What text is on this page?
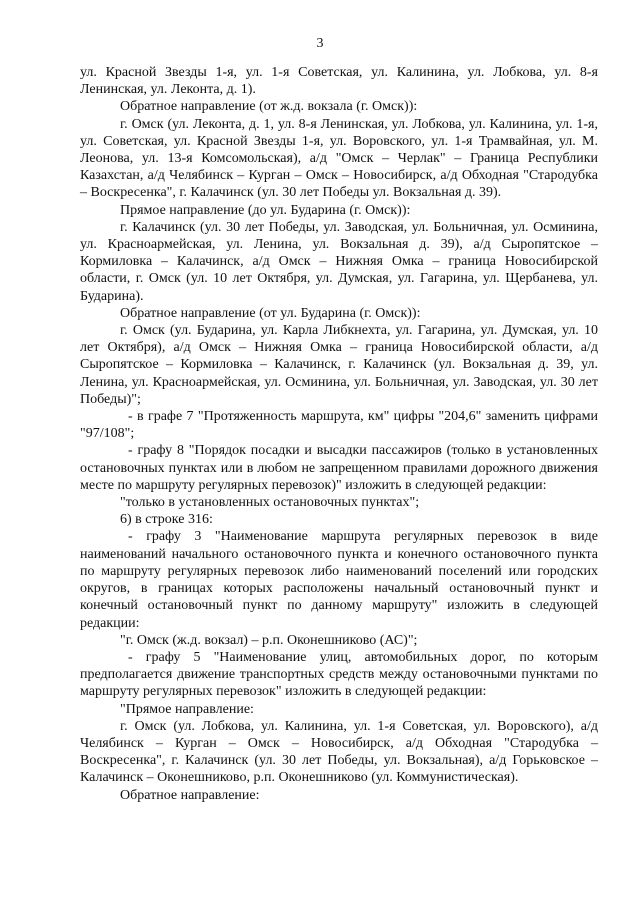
3

ул. Красной Звезды 1-я, ул. 1-я Советская, ул. Калинина, ул. Лобкова, ул. 8-я Ленинская, ул. Леконта, д. 1).

Обратное направление (от ж.д. вокзала (г. Омск)):

г. Омск (ул. Леконта, д. 1, ул. 8-я Ленинская, ул. Лобкова, ул. Калинина, ул. 1-я, ул. Советская, ул. Красной Звезды 1-я, ул. Воровского, ул. 1-я Трамвайная, ул. М. Леонова, ул. 13-я Комсомольская), а/д "Омск – Черлак" – Граница Республики Казахстан, а/д Челябинск – Курган – Омск – Новосибирск, а/д Обходная "Стародубка – Воскресенка", г. Калачинск (ул. 30 лет Победы ул. Вокзальная д. 39).

Прямое направление (до ул. Бударина (г. Омск)):

г. Калачинск (ул. 30 лет Победы, ул. Заводская, ул. Больничная, ул. Осминина, ул. Красноармейская, ул. Ленина, ул. Вокзальная д. 39), а/д Сыропятское – Кормиловка – Калачинск, а/д Омск – Нижняя Омка – граница Новосибирской области, г. Омск (ул. 10 лет Октября, ул. Думская, ул. Гагарина, ул. Щербанева, ул. Бударина).

Обратное направление (от ул. Бударина (г. Омск)):

г. Омск (ул. Бударина, ул. Карла Либкнехта, ул. Гагарина, ул. Думская, ул. 10 лет Октября), а/д Омск – Нижняя Омка – граница Новосибирской области, а/д Сыропятское – Кормиловка – Калачинск, г. Калачинск (ул. Вокзальная д. 39, ул. Ленина, ул. Красноармейская, ул. Осминина, ул. Больничная, ул. Заводская, ул. 30 лет Победы)";

- в графе 7 "Протяженность маршрута, км" цифры "204,6" заменить цифрами "97/108";

- графу 8 "Порядок посадки и высадки пассажиров (только в установленных остановочных пунктах или в любом не запрещенном правилами дорожного движения месте по маршруту регулярных перевозок)" изложить в следующей редакции:

"только в установленных остановочных пунктах";

6) в строке 316:

- графу 3 "Наименование маршрута регулярных перевозок в виде наименований начального остановочного пункта и конечного остановочного пункта по маршруту регулярных перевозок либо наименований поселений или городских округов, в границах которых расположены начальный остановочный пункт и конечный остановочный пункт по данному маршруту" изложить в следующей редакции:

"г. Омск (ж.д. вокзал) – р.п. Оконешниково (АС)";

- графу 5 "Наименование улиц, автомобильных дорог, по которым предполагается движение транспортных средств между остановочными пунктами по маршруту регулярных перевозок" изложить в следующей редакции:

"Прямое направление:

г. Омск (ул. Лобкова, ул. Калинина, ул. 1-я Советская, ул. Воровского), а/д Челябинск – Курган – Омск – Новосибирск, а/д Обходная "Стародубка – Воскресенка", г. Калачинск (ул. 30 лет Победы, ул. Вокзальная), а/д Горьковское – Калачинск – Оконешниково, р.п. Оконешниково (ул. Коммунистическая).

Обратное направление:
